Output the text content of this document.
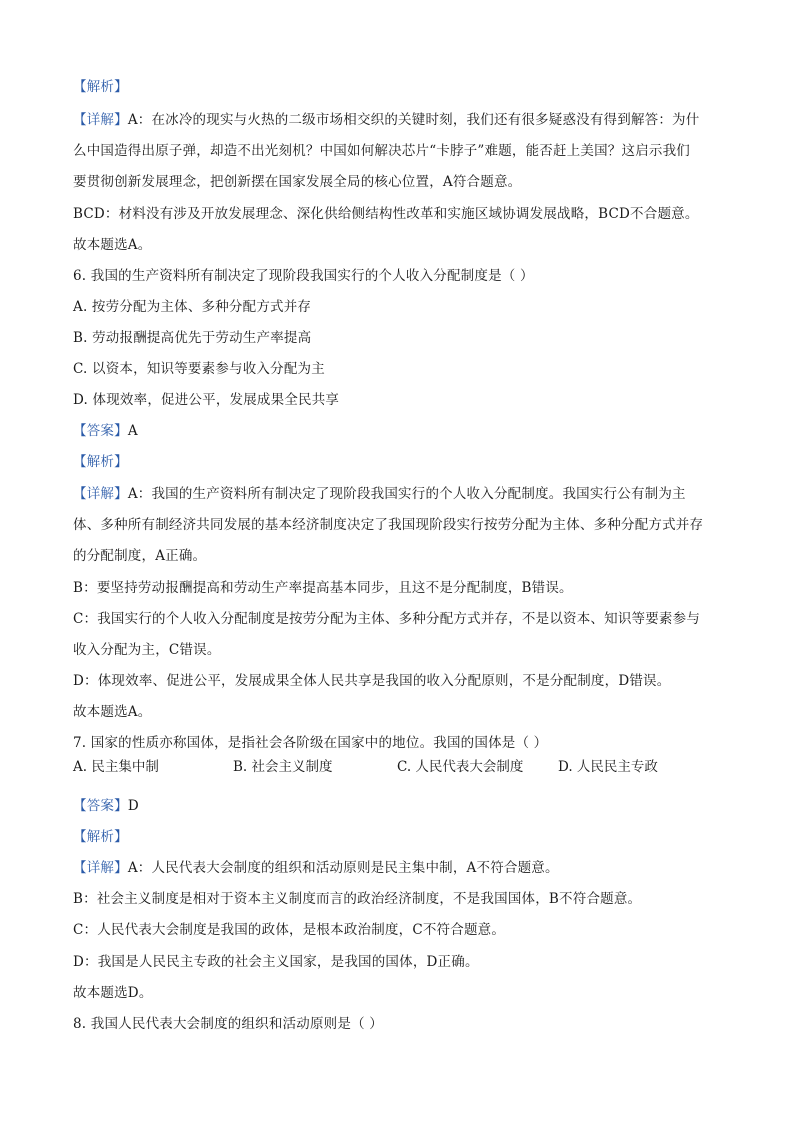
【解析】
【详解】A：在冰冷的现实与火热的二级市场相交织的关键时刻，我们还有很多疑惑没有得到解答：为什
么中国造得出原子弹，却造不出光刻机？中国如何解决芯片“卡脖子”难题，能否赶上美国？这启示我们
要贯彻创新发展理念，把创新摆在国家发展全局的核心位置，A符合题意。
BCD：材料没有涉及开放发展理念、深化供给侧结构性改革和实施区域协调发展战略，BCD不合题意。
故本题选A。
6. 我国的生产资料所有制决定了现阶段我国实行的个人收入分配制度是（ ）
A. 按劳分配为主体、多种分配方式并存
B. 劳动报酬提高优先于劳动生产率提高
C. 以资本，知识等要素参与收入分配为主
D. 体现效率，促进公平，发展成果全民共享
【答案】A
【解析】
【详解】A：我国的生产资料所有制决定了现阶段我国实行的个人收入分配制度。我国实行公有制为主
体、多种所有制经济共同发展的基本经济制度决定了我国现阶段实行按劳分配为主体、多种分配方式并存
的分配制度，A正确。
B：要坚持劳动报酬提高和劳动生产率提高基本同步，且这不是分配制度，B错误。
C：我国实行的个人收入分配制度是按劳分配为主体、多种分配方式并存，不是以资本、知识等要素参与
收入分配为主，C错误。
D：体现效率、促进公平，发展成果全体人民共享是我国的收入分配原则，不是分配制度，D错误。
故本题选A。
7. 国家的性质亦称国体，是指社会各阶级在国家中的地位。我国的国体是（ ）
A. 民主集中制	B. 社会主义制度	C. 人民代表大会制度	D. 人民民主专政
【答案】D
【解析】
【详解】A：人民代表大会制度的组织和活动原则是民主集中制，A不符合题意。
B：社会主义制度是相对于资本主义制度而言的政治经济制度，不是我国国体，B不符合题意。
C：人民代表大会制度是我国的政体，是根本政治制度，C不符合题意。
D：我国是人民民主专政的社会主义国家，是我国的国体，D正确。
故本题选D。
8. 我国人民代表大会制度的组织和活动原则是（ ）
